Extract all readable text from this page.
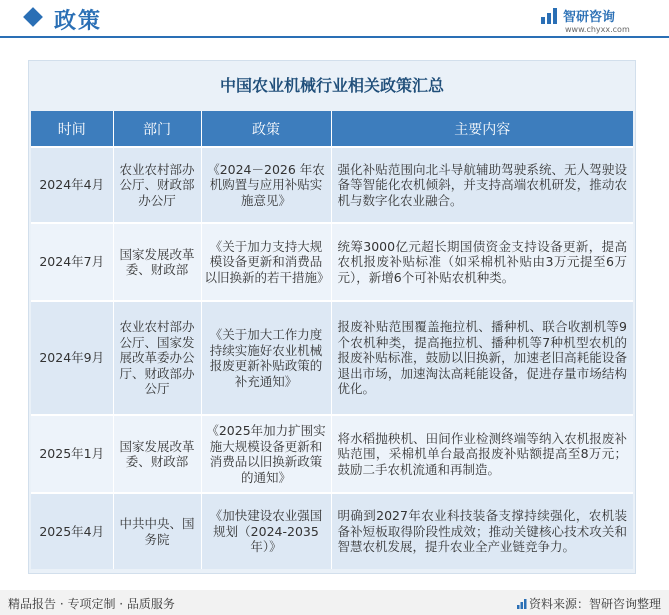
政策	智研咨询
www.chyxx.com
中国农业机械行业相关政策汇总
时间	部门	政策	主要内容
2024年4月	农业农村部办公厅、财政部办公厅	《2024－2026 年农机购置与应用补贴实施意见》	强化补贴范围向北斗导航辅助驾驶系统、无人驾驶设备等智能化农机倾斜，并支持高端农机研发，推动农机与数字化农业融合。
2024年7月	国家发展改革委、财政部	《关于加力支持大规模设备更新和消费品以旧换新的若干措施》	统筹3000亿元超长期国债资金支持设备更新，提高农机报废补贴标准（如采棉机补贴由3万元提至6万元），新增6个可补贴农机种类。
2024年9月	农业农村部办公厅、国家发展改革委办公厅、财政部办公厅	《关于加大工作力度持续实施好农业机械报废更新补贴政策的补充通知》	报废补贴范围覆盖拖拉机、播种机、联合收割机等9个农机种类，提高拖拉机、播种机等7种机型农机的报废补贴标准，鼓励以旧换新，加速老旧高耗能设备退出市场，加速淘汰高耗能设备，促进存量市场结构优化。
2025年1月	国家发展改革委、财政部	《2025年加力扩围实施大规模设备更新和消费品以旧换新政策的通知》	将水稻抛秧机、田间作业检测终端等纳入农机报废补贴范围，采棉机单台最高报废补贴额提高至8万元；鼓励二手农机流通和再制造。
2025年4月	中共中央、国务院	《加快建设农业强国规划（2024-2035年）》	明确到2027年农业科技装备支撑持续强化，农机装备补短板取得阶段性成效；推动关键核心技术攻关和智慧农机发展，提升农业全产业链竞争力。
精品报告 · 专项定制 · 品质服务	资料来源：智研咨询整理
